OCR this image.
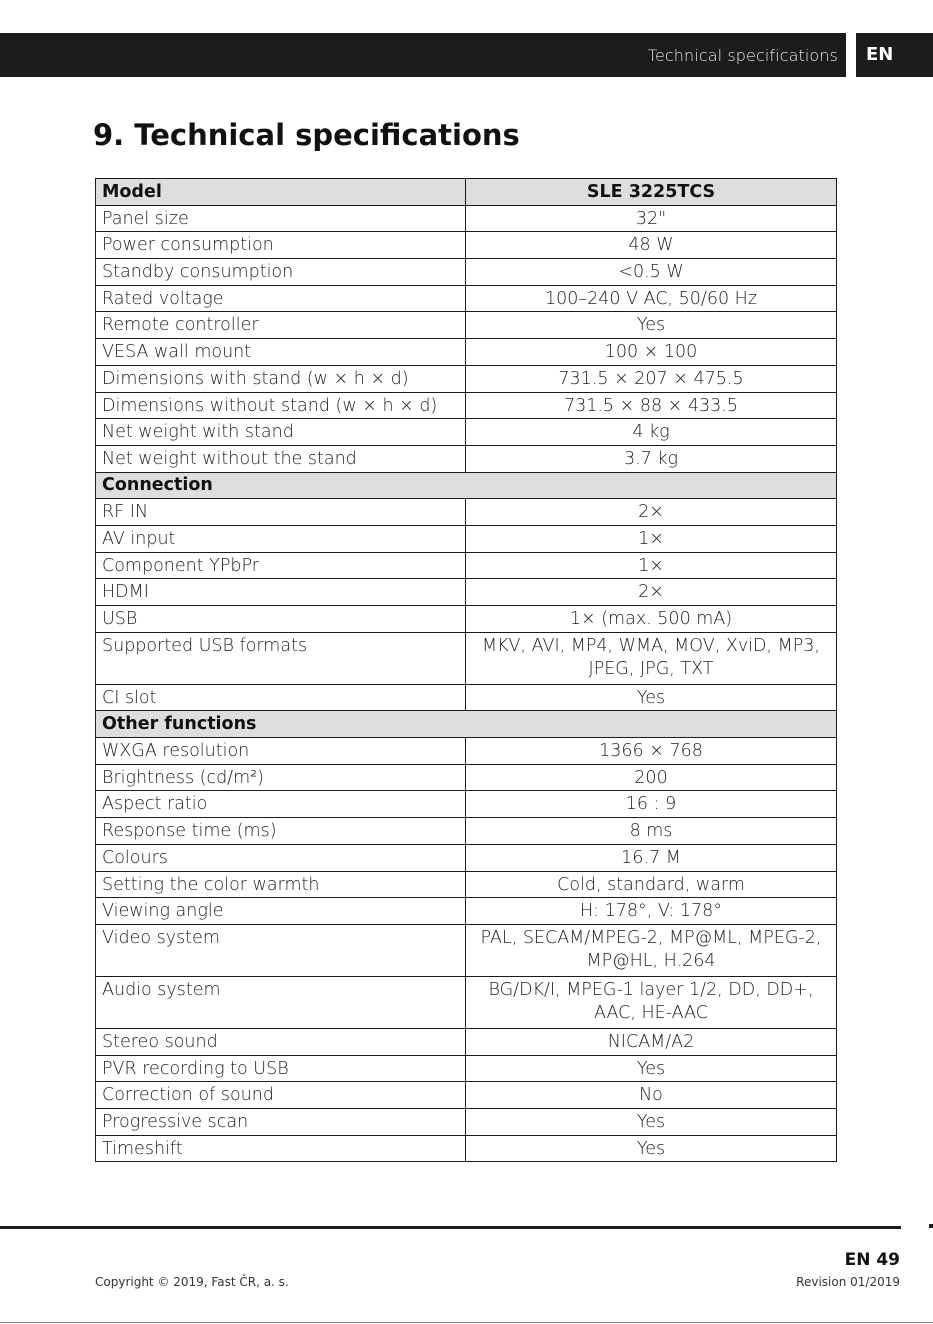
Technical specifications EN
9. Technical specifications
Model	SLE 3225TCS
Panel size	32"
Power consumption	48 W
Standby consumption	<0.5 W
Rated voltage	100–240 V AC, 50/60 Hz
Remote controller	Yes
VESA wall mount	100 × 100
Dimensions with stand (w × h × d)	731.5 × 207 × 475.5
Dimensions without stand (w × h × d)	731.5 × 88 × 433.5
Net weight with stand	4 kg
Net weight without the stand	3.7 kg
Connection	
RF IN	2×
AV input	1×
Component YPbPr	1×
HDMI	2×
USB	1× (max. 500 mA)
Supported USB formats	MKV, AVI, MP4, WMA, MOV, XviD, MP3, JPEG, JPG, TXT
CI slot	Yes
Other functions	
WXGA resolution	1366 × 768
Brightness (cd/m²)	200
Aspect ratio	16 : 9
Response time (ms)	8 ms
Colours	16.7 M
Setting the color warmth	Cold, standard, warm
Viewing angle	H: 178°, V: 178°
Video system	PAL, SECAM/MPEG-2, MP@ML, MPEG-2, MP@HL, H.264
Audio system	BG/DK/I, MPEG-1 layer 1/2, DD, DD+, AAC, HE-AAC
Stereo sound	NICAM/A2
PVR recording to USB	Yes
Correction of sound	No
Progressive scan	Yes
Timeshift	Yes
EN 49
Copyright © 2019, Fast ČR, a. s.	Revision 01/2019
